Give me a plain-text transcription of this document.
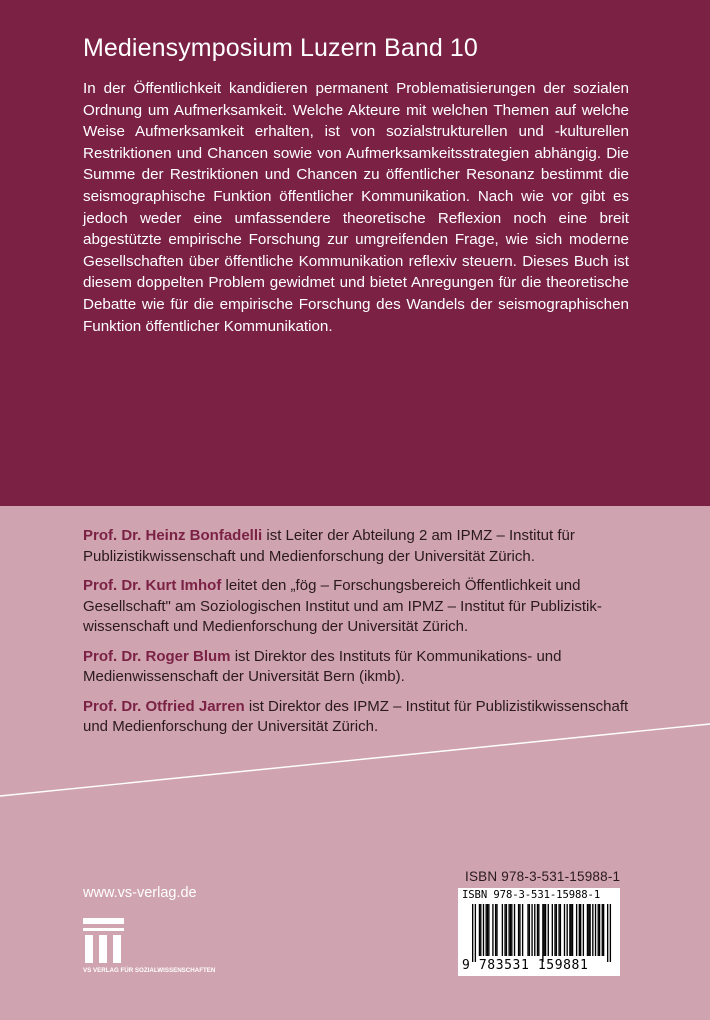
Mediensymposium Luzern Band 10

In der Öffentlichkeit kandidieren permanent Problematisierungen der sozialen Ordnung um Aufmerksamkeit. Welche Akteure mit welchen Themen auf welche Weise Aufmerksamkeit erhalten, ist von sozialstrukturellen und -kulturellen Restriktionen und Chancen sowie von Aufmerksamkeitsstrategien abhängig. Die Summe der Restriktionen und Chancen zu öffentlicher Resonanz bestimmt die seismographische Funktion öffentlicher Kommunikation. Nach wie vor gibt es jedoch weder eine umfassendere theoretische Reflexion noch eine breit abgestützte empirische Forschung zur umgreifenden Frage, wie sich moderne Gesellschaften über öffentliche Kommunikation reflexiv steuern. Dieses Buch ist diesem doppelten Problem gewidmet und bietet Anregungen für die theoretische Debatte wie für die empirische Forschung des Wandels der seismographischen Funktion öffentlicher Kommunikation.

Prof. Dr. Heinz Bonfadelli ist Leiter der Abteilung 2 am IPMZ – Institut für Publizistikwissenschaft und Medienforschung der Universität Zürich.

Prof. Dr. Kurt Imhof leitet den „fög – Forschungsbereich Öffentlichkeit und Gesellschaft" am Soziologischen Institut und am IPMZ – Institut für Publizistikwissenschaft und Medienforschung der Universität Zürich.

Prof. Dr. Roger Blum ist Direktor des Instituts für Kommunikations- und Medienwissenschaft der Universität Bern (ikmb).

Prof. Dr. Otfried Jarren ist Direktor des IPMZ – Institut für Publizistikwissenschaft und Medienforschung der Universität Zürich.

www.vs-verlag.de
VS VERLAG FÜR SOZIALWISSENSCHAFTEN
ISBN 978-3-531-15988-1
ISBN 978-3-531-15988-1
9 783531 159881
